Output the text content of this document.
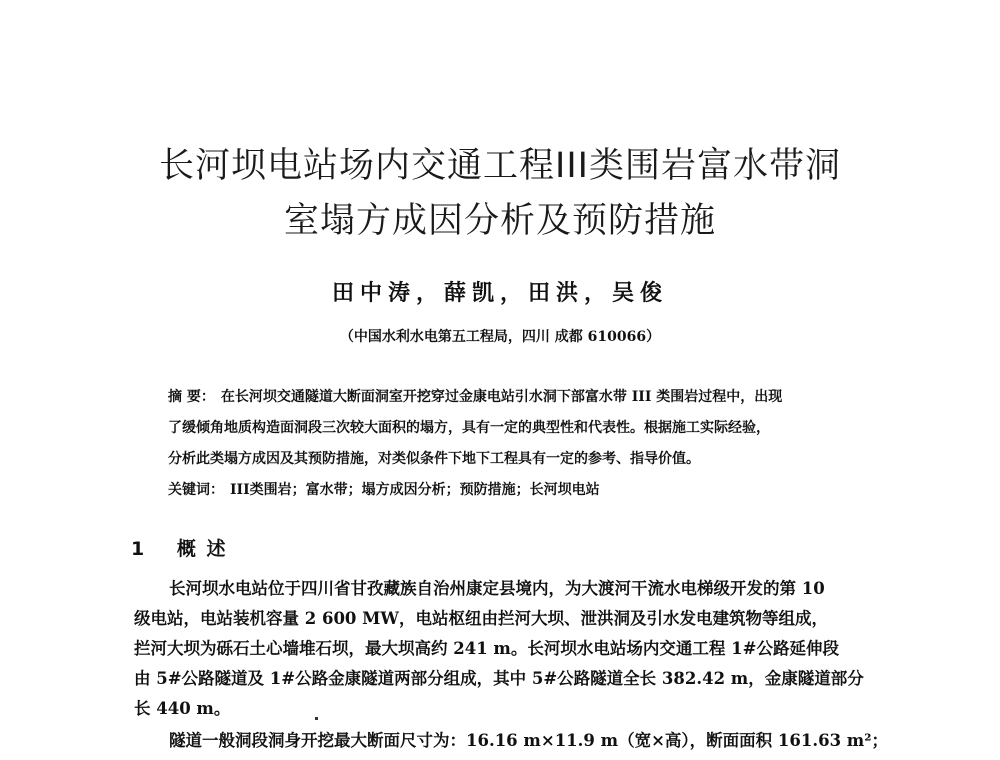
长河坝电站场内交通工程III类围岩富水带洞
室塌方成因分析及预防措施
田中涛，薛凯，田洪，吴俊
（中国水利水电第五工程局，四川 成都 610066）
摘 要： 在长河坝交通隧道大断面洞室开挖穿过金康电站引水洞下部富水带 III 类围岩过程中，出现
了缓倾角地质构造面洞段三次较大面积的塌方，具有一定的典型性和代表性。根据施工实际经验，
分析此类塌方成因及其预防措施，对类似条件下地下工程具有一定的参考、指导价值。
关键词： III类围岩；富水带；塌方成因分析；预防措施；长河坝电站
1 概 述
长河坝水电站位于四川省甘孜藏族自治州康定县境内，为大渡河干流水电梯级开发的第 10
级电站，电站装机容量 2 600 MW，电站枢纽由拦河大坝、泄洪洞及引水发电建筑物等组成，
拦河大坝为砾石土心墙堆石坝，最大坝高约 241 m。长河坝水电站场内交通工程 1#公路延伸段
由 5#公路隧道及 1#公路金康隧道两部分组成，其中 5#公路隧道全长 382.42 m，金康隧道部分
长 440 m。
隧道一般洞段洞身开挖最大断面尺寸为：16.16 m×11.9 m（宽×高），断面面积 161.63 m²；
